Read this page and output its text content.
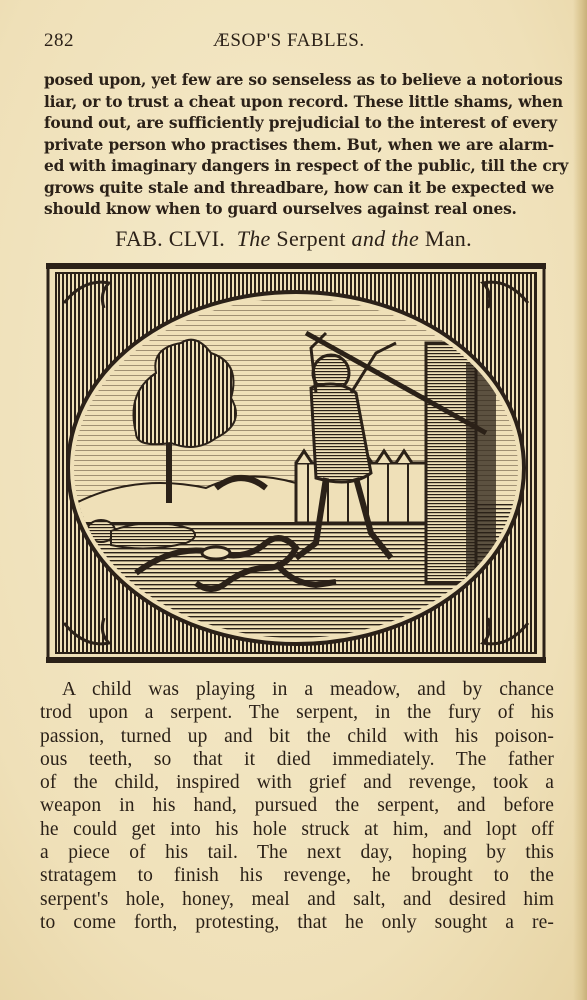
282	ÆSOP'S FABLES.
posed upon, yet few are so senseless as to believe a notorious
liar, or to trust a cheat upon record. These little shams, when
found out, are sufficiently prejudicial to the interest of every
private person who practises them. But, when we are alarm-
ed with imaginary dangers in respect of the public, till the cry
grows quite stale and threadbare, how can it be expected we
should know when to guard ourselves against real ones.
FAB. CLVI. The Serpent and the Man.
A child was playing in a meadow, and by chance
trod upon a serpent. The serpent, in the fury of his
passion, turned up and bit the child with his poison-
ous teeth, so that it died immediately. The father
of the child, inspired with grief and revenge, took a
weapon in his hand, pursued the serpent, and before
he could get into his hole struck at him, and lopt off
a piece of his tail. The next day, hoping by this
stratagem to finish his revenge, he brought to the
serpent's hole, honey, meal and salt, and desired him
to come forth, protesting, that he only sought a re-
